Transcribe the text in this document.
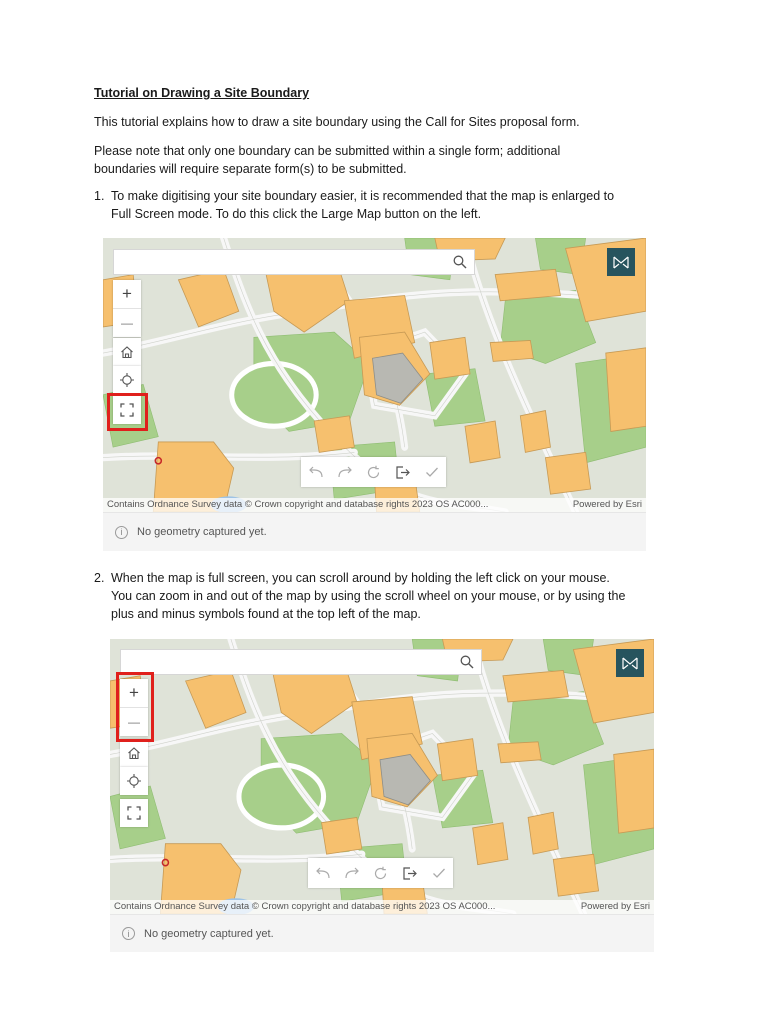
Tutorial on Drawing a Site Boundary
This tutorial explains how to draw a site boundary using the Call for Sites proposal form.
Please note that only one boundary can be submitted within a single form; additional
boundaries will require separate form(s) to be submitted.
1. To make digitising your site boundary easier, it is recommended that the map is enlarged to
Full Screen mode. To do this click the Large Map button on the left.
+
—
Contains Ordnance Survey data © Crown copyright and database rights 2023 OS AC000...	Powered by Esri
i	No geometry captured yet.
2. When the map is full screen, you can scroll around by holding the left click on your mouse.
You can zoom in and out of the map by using the scroll wheel on your mouse, or by using the
plus and minus symbols found at the top left of the map.
+
—
Contains Ordnance Survey data © Crown copyright and database rights 2023 OS AC000...	Powered by Esri
i	No geometry captured yet.
